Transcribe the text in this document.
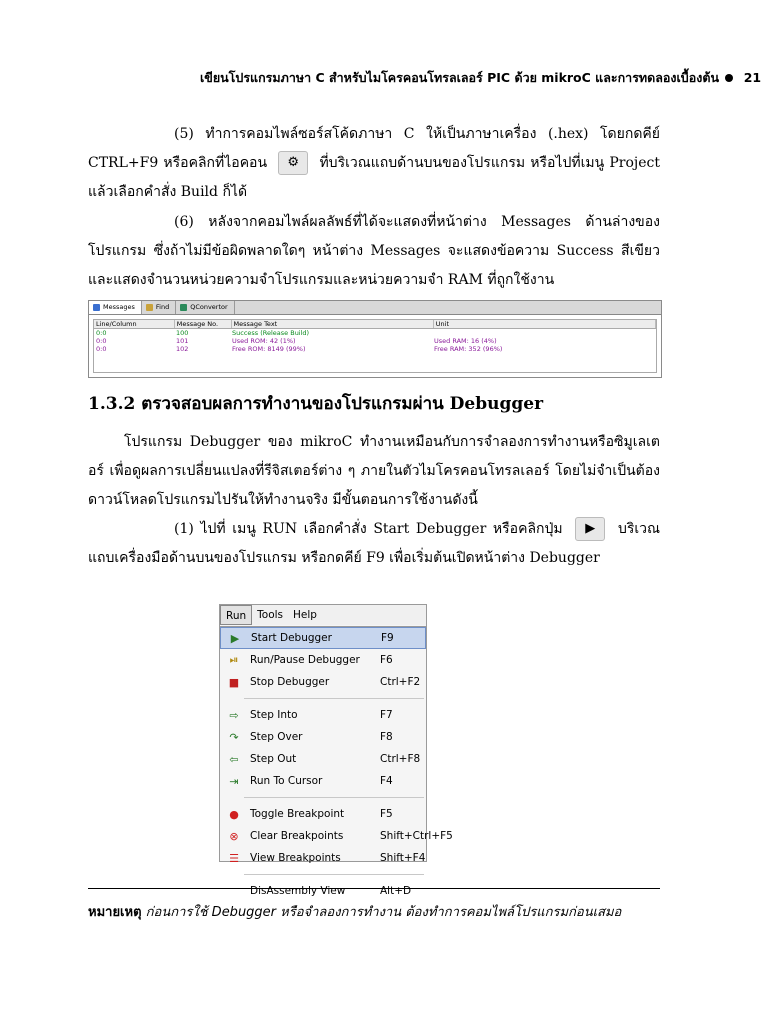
เขียนโปรแกรมภาษา C สำหรับไมโครคอนโทรลเลอร์ PIC ด้วย mikroC และการทดลองเบื้องต้น 21
(5) ทำการคอมไพล์ซอร์สโค้ดภาษา C ให้เป็นภาษาเครื่อง (.hex) โดยกดคีย์ CTRL+F9 หรือคลิกที่ไอคอน ⚙ ที่บริเวณแถบด้านบนของโปรแกรม หรือไปที่เมนู Project แล้วเลือกคำสั่ง Build ก็ได้
(6) หลังจากคอมไพล์ผลลัพธ์ที่ได้จะแสดงที่หน้าต่าง Messages ด้านล่างของโปรแกรม ซึ่งถ้าไม่มีข้อผิดพลาดใดๆ หน้าต่าง Messages จะแสดงข้อความ Success สีเขียว และแสดงจำนวนหน่วยความจำโปรแกรมและหน่วยความจำ RAM ที่ถูกใช้งาน
Messages	Find	QConvertor
Line/Column	Message No.	Message Text	Unit
0:0	100	Success (Release Build)
0:0	101	Used ROM: 42 (1%)	Used RAM: 16 (4%)
0:0	102	Free ROM: 8149 (99%)	Free RAM: 352 (96%)
1.3.2 ตรวจสอบผลการทำงานของโปรแกรมผ่าน Debugger
โปรแกรม Debugger ของ mikroC ทำงานเหมือนกับการจำลองการทำงานหรือซิมูเลเตอร์ เพื่อดูผลการเปลี่ยนแปลงที่รีจิสเตอร์ต่าง ๆ ภายในตัวไมโครคอนโทรลเลอร์ โดยไม่จำเป็นต้องดาวน์โหลดโปรแกรมไปรันให้ทำงานจริง มีขั้นตอนการใช้งานดังนี้
(1) ไปที่ เมนู RUN เลือกคำสั่ง Start Debugger หรือคลิกปุ่ม ▶ บริเวณแถบเครื่องมือด้านบนของโปรแกรม หรือกดคีย์ F9 เพื่อเริ่มต้นเปิดหน้าต่าง Debugger
Run	Tools Help
▶	Start Debugger	F9
⏯	Run/Pause Debugger	F6
■ Stop Debugger	Ctrl+F2
⇨	Step Into	F7
↷	Step Over	F8
⇦	Step Out	Ctrl+F8
⇥	Run To Cursor	F4
●	Toggle Breakpoint	F5
⊗	Clear Breakpoints	Shift+Ctrl+F5
☰ View Breakpoints	Shift+F4
DisAssembly View	Alt+D
หมายเหตุ ก่อนการใช้ Debugger หรือจำลองการทำงาน ต้องทำการคอมไพล์โปรแกรมก่อนเสมอ
